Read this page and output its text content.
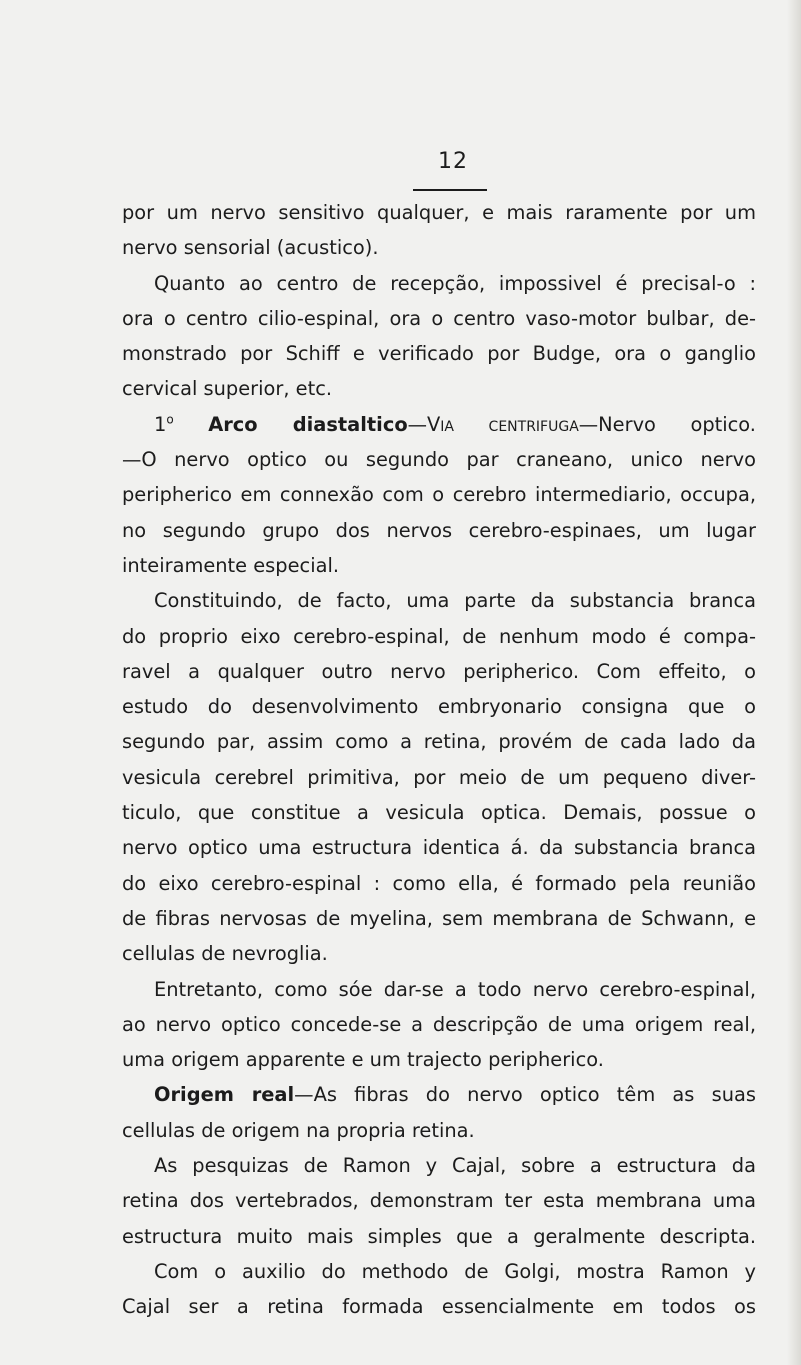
12
por um nervo sensitivo qualquer, e mais raramente por um
nervo sensorial (acustico).
Quanto ao centro de recepção, impossivel é precisal-o :
ora o centro cilio-espinal, ora o centro vaso-motor bulbar, de-
monstrado por Schiff e verificado por Budge, ora o ganglio
cervical superior, etc.
1$^o$ Arco diastaltico—Via centrifuga—Nervo optico.
—O nervo optico ou segundo par craneano, unico nervo
peripherico em connexão com o cerebro intermediario, occupa,
no segundo grupo dos nervos cerebro-espinaes, um lugar
inteiramente especial.
Constituindo, de facto, uma parte da substancia branca
do proprio eixo cerebro-espinal, de nenhum modo é compa-
ravel a qualquer outro nervo peripherico. Com effeito, o
estudo do desenvolvimento embryonario consigna que o
segundo par, assim como a retina, provém de cada lado da
vesicula cerebrel primitiva, por meio de um pequeno diver-
ticulo, que constitue a vesicula optica. Demais, possue o
nervo optico uma estructura identica á. da substancia branca
do eixo cerebro-espinal : como ella, é formado pela reunião
de fibras nervosas de myelina, sem membrana de Schwann, e
cellulas de nevroglia.
Entretanto, como sóe dar-se a todo nervo cerebro-espinal,
ao nervo optico concede-se a descripção de uma origem real,
uma origem apparente e um trajecto peripherico.
Origem real—As fibras do nervo optico têm as suas
cellulas de origem na propria retina.
As pesquizas de Ramon y Cajal, sobre a estructura da
retina dos vertebrados, demonstram ter esta membrana uma
estructura muito mais simples que a geralmente descripta.
Com o auxilio do methodo de Golgi, mostra Ramon y
Cajal ser a retina formada essencialmente em todos os
